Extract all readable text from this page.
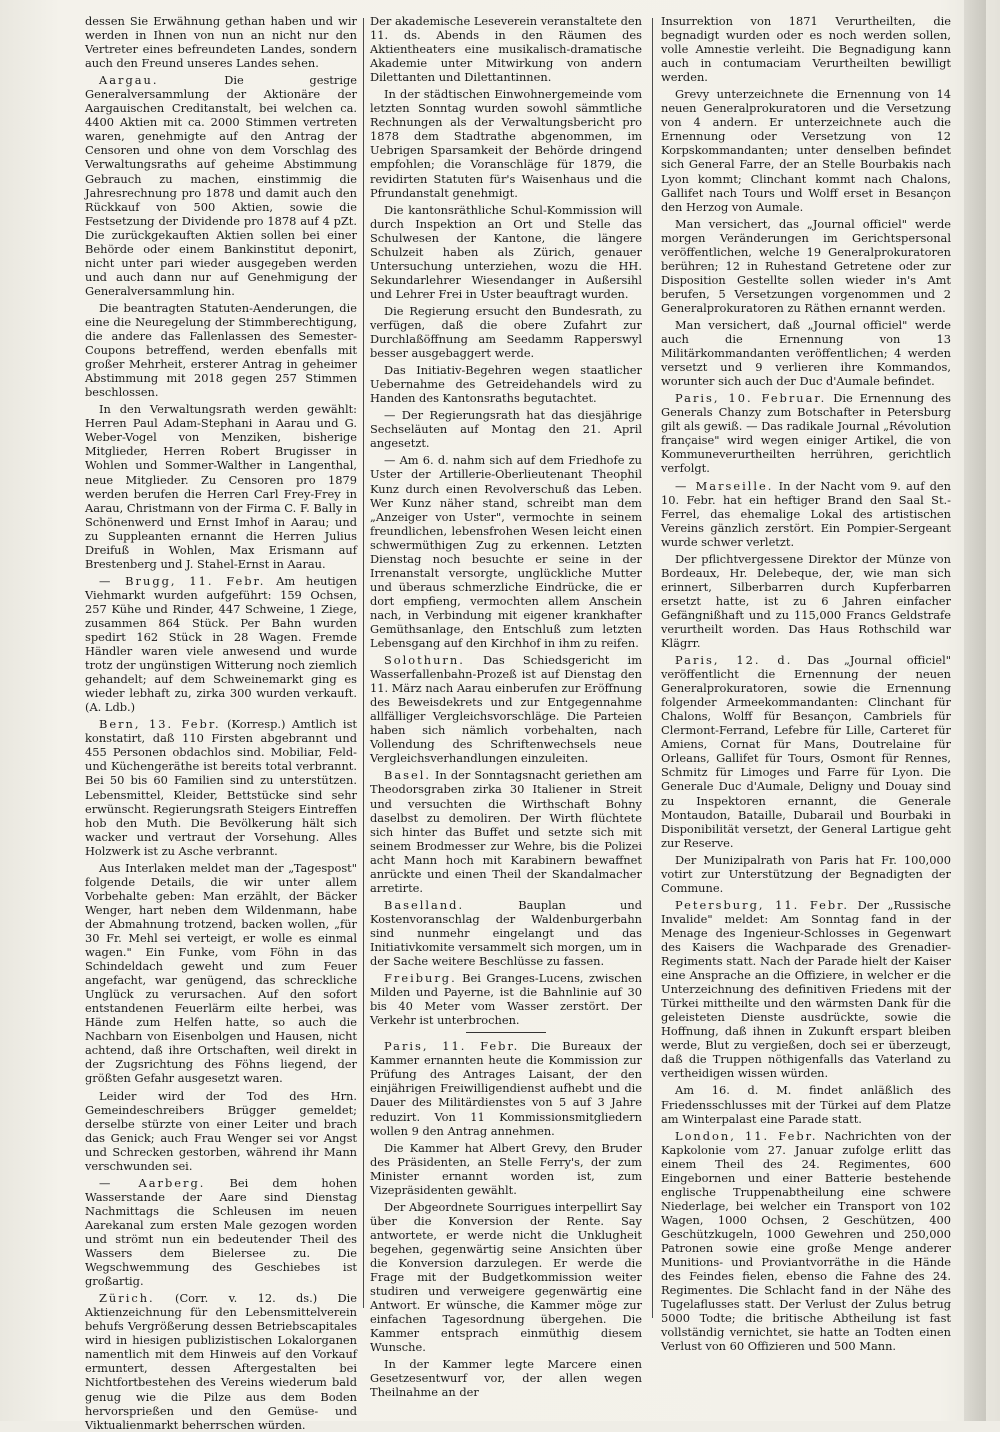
dessen Sie Erwähnung gethan haben und wir werden in Ihnen von nun an nicht nur den Vertreter eines befreundeten Landes, sondern auch den Freund unseres Landes sehen.

Aargau.	Die gestrige Generalversammlung der Aktionäre der Aargauischen Creditanstalt, bei welchen ca. 4400 Aktien mit ca. 2000 Stimmen vertreten waren, genehmigte auf den Antrag der Censoren und ohne von dem Vorschlag des Verwaltungsraths auf geheime Abstimmung Gebrauch zu machen, einstimmig die Jahresrechnung pro 1878 und damit auch den Rückkauf von 500 Aktien, sowie die Festsetzung der Dividende pro 1878 auf 4 pZt. Die zurückgekauften Aktien sollen bei einer Behörde oder einem Bankinstitut deponirt, nicht unter pari wieder ausgegeben werden und auch dann nur auf Genehmigung der Generalversammlung hin.

Die beantragten Statuten-Aenderungen, die eine die Neuregelung der Stimmberechtigung, die andere das Fallenlassen des Semester-Coupons betreffend, werden ebenfalls mit großer Mehrheit, ersterer Antrag in geheimer Abstimmung mit 2018 gegen 257 Stimmen beschlossen.

In den Verwaltungsrath werden gewählt: Herren Paul Adam-Stephani in Aarau und G. Weber-Vogel von Menziken, bisherige Mitglieder, Herren Robert Brugisser in Wohlen und Sommer-Walther in Langenthal, neue Mitglieder. Zu Censoren pro 1879 werden berufen die Herren Carl Frey-Frey in Aarau, Christmann von der Firma C. F. Bally in Schönenwerd und Ernst Imhof in Aarau; und zu Suppleanten ernannt die Herren Julius Dreifuß in Wohlen, Max Erismann auf Brestenberg und J. Stahel-Ernst in Aarau.

— Brugg, 11. Febr. Am heutigen Viehmarkt wurden aufgeführt: 159 Ochsen, 257 Kühe und Rinder, 447 Schweine, 1 Ziege, zusammen 864 Stück. Per Bahn wurden spedirt 162 Stück in 28 Wagen. Fremde Händler waren viele anwesend und wurde trotz der ungünstigen Witterung noch ziemlich gehandelt; auf dem Schweinemarkt ging es wieder lebhaft zu, zirka 300 wurden verkauft. (A. Ldb.)

Bern, 13. Febr. (Korresp.) Amtlich ist konstatirt, daß 110 Firsten abgebrannt und 455 Personen obdachlos sind. Mobiliar, Feld- und Küchengeräthe ist bereits total verbrannt. Bei 50 bis 60 Familien sind zu unterstützen. Lebensmittel, Kleider, Bettstücke sind sehr erwünscht. Regierungsrath Steigers Eintreffen hob den Muth. Die Bevölkerung hält sich wacker und vertraut der Vorsehung. Alles Holzwerk ist zu Asche verbrannt.

Aus Interlaken meldet man der „Tagespost" folgende Details, die wir unter allem Vorbehalte geben: Man erzählt, der Bäcker Wenger, hart neben dem Wildenmann, habe der Abmahnung trotzend, backen wollen, „für 30 Fr. Mehl sei verteigt, er wolle es einmal wagen." Ein Funke, vom Föhn in das Schindeldach geweht und zum Feuer angefacht, war genügend, das schreckliche Unglück zu verursachen. Auf den sofort entstandenen Feuerlärm eilte herbei, was Hände zum Helfen hatte, so auch die Nachbarn von Eisenbolgen und Hausen, nicht achtend, daß ihre Ortschaften, weil direkt in der Zugsrichtung des Föhns liegend, der größten Gefahr ausgesetzt waren.

Leider wird der Tod des Hrn. Gemeindeschreibers Brügger gemeldet; derselbe stürzte von einer Leiter und brach das Genick; auch Frau Wenger sei vor Angst und Schrecken gestorben, während ihr Mann verschwunden sei.

— Aarberg. Bei dem hohen Wasserstande der Aare sind Dienstag Nachmittags die Schleusen im neuen Aarekanal zum ersten Male gezogen worden und strömt nun ein bedeutender Theil des Wassers dem Bielersee zu. Die Wegschwemmung des Geschiebes ist großartig.

Zürich. (Corr. v. 12. ds.) Die Aktienzeichnung für den Lebensmittelverein behufs Vergrößerung dessen Betriebscapitales wird in hiesigen publizistischen Lokalorganen namentlich mit dem Hinweis auf den Vorkauf ermuntert, dessen Aftergestalten bei Nichtfortbestehen des Vereins wiederum bald genug wie die Pilze aus dem Boden hervorsprießen und den Gemüse- und Viktualienmarkt beherrschen würden.

Der akademische Leseverein veranstaltete den 11. ds. Abends in den Räumen des Aktientheaters eine musikalisch-dramatische Akademie unter Mitwirkung von andern Dilettanten und Dilettantinnen.

In der städtischen Einwohnergemeinde vom letzten Sonntag wurden sowohl sämmtliche Rechnungen als der Verwaltungsbericht pro 1878 dem Stadtrathe abgenommen, im Uebrigen Sparsamkeit der Behörde dringend empfohlen; die Voranschläge für 1879, die revidirten Statuten für's Waisenhaus und die Pfrundanstalt genehmigt.

Die kantonsräthliche Schul-Kommission will durch Inspektion an Ort und Stelle das Schulwesen der Kantone, die längere Schulzeit haben als Zürich, genauer Untersuchung unterziehen, wozu die HH. Sekundarlehrer Wiesendanger in Außersihl und Lehrer Frei in Uster beauftragt wurden.

Die Regierung ersucht den Bundesrath, zu verfügen, daß die obere Zufahrt zur Durchlaßöffnung am Seedamm Rapperswyl besser ausgebaggert werde.

Das Initiativ-Begehren wegen staatlicher Uebernahme des Getreidehandels wird zu Handen des Kantonsraths begutachtet.

— Der Regierungsrath hat das diesjährige Sechseläuten auf Montag den 21. April angesetzt.

— Am 6. d. nahm sich auf dem Friedhofe zu Uster der Artillerie-Oberlieutenant Theophil Kunz durch einen Revolverschuß das Leben. Wer Kunz näher stand, schreibt man dem „Anzeiger von Uster", vermochte in seinem freundlichen, lebensfrohen Wesen leicht einen schwermüthigen Zug zu erkennen. Letzten Dienstag noch besuchte er seine in der Irrenanstalt versorgte, unglückliche Mutter und überaus schmerzliche Eindrücke, die er dort empfieng, vermochten allem Anschein nach, in Verbindung mit eigener krankhafter Gemüthsanlage, den Entschluß zum letzten Lebensgang auf den Kirchhof in ihm zu reifen.

Solothurn. Das Schiedsgericht im Wasserfallenbahn-Prozeß ist auf Dienstag den 11. März nach Aarau einberufen zur Eröffnung des Beweisdekrets und zur Entgegennahme allfälliger Vergleichsvorschläge. Die Parteien haben sich nämlich vorbehalten, nach Vollendung des Schriftenwechsels neue Vergleichsverhandlungen einzuleiten.

Basel. In der Sonntagsnacht geriethen am Theodorsgraben zirka 30 Italiener in Streit und versuchten die Wirthschaft Bohny daselbst zu demoliren. Der Wirth flüchtete sich hinter das Buffet und setzte sich mit seinem Brodmesser zur Wehre, bis die Polizei acht Mann hoch mit Karabinern bewaffnet anrückte und einen Theil der Skandalmacher arretirte.

Baselland.	Bauplan und Kostenvoranschlag der Waldenburgerbahn sind nunmehr eingelangt und das Initiativkomite versammelt sich morgen, um in der Sache weitere Beschlüsse zu fassen.

Freiburg. Bei Granges-Lucens, zwischen Milden und Payerne, ist die Bahnlinie auf 30 bis 40 Meter vom Wasser zerstört. Der Verkehr ist unterbrochen.

Paris, 11. Febr. Die Bureaux der Kammer ernannten heute die Kommission zur Prüfung des Antrages Laisant, der den einjährigen Freiwilligendienst aufhebt und die Dauer des Militärdienstes von 5 auf 3 Jahre reduzirt. Von 11 Kommissionsmitgliedern wollen 9 den Antrag annehmen.

Die Kammer hat Albert Grevy, den Bruder des Präsidenten, an Stelle Ferry's, der zum Minister ernannt worden ist, zum Vizepräsidenten gewählt.

Der Abgeordnete Sourrigues interpellirt Say über die Konversion der Rente. Say antwortete, er werde nicht die Unklugheit begehen, gegenwärtig seine Ansichten über die Konversion darzulegen. Er werde die Frage mit der Budgetkommission weiter studiren und verweigere gegenwärtig eine Antwort. Er wünsche, die Kammer möge zur einfachen Tagesordnung übergehen. Die Kammer entsprach einmüthig diesem Wunsche.

In der Kammer legte Marcere einen Gesetzesentwurf vor, der allen wegen Theilnahme an der

Insurrektion von 1871 Verurtheilten, die begnadigt wurden oder es noch werden sollen, volle Amnestie verleiht. Die Begnadigung kann auch in contumaciam Verurtheilten bewilligt werden.

Grevy unterzeichnete die Ernennung von 14 neuen Generalprokuratoren und die Versetzung von 4 andern. Er unterzeichnete auch die Ernennung oder Versetzung von 12 Korpskommandanten; unter denselben befindet sich General Farre, der an Stelle Bourbakis nach Lyon kommt; Clinchant kommt nach Chalons, Gallifet nach Tours und Wolff erset in Besançon den Herzog von Aumale.

Man versichert, das „Journal officiel" werde morgen Veränderungen im Gerichtspersonal veröffentlichen, welche 19 Generalprokuratoren berühren; 12 in Ruhestand Getretene oder zur Disposition Gestellte sollen wieder in's Amt berufen, 5 Versetzungen vorgenommen und 2 Generalprokuratoren zu Räthen ernannt werden.

Man versichert, daß „Journal officiel" werde auch die Ernennung von 13 Militärkommandanten veröffentlichen; 4 werden versetzt und 9 verlieren ihre Kommandos, worunter sich auch der Duc d'Aumale befindet.

Paris, 10. Februar. Die Ernennung des Generals Chanzy zum Botschafter in Petersburg gilt als gewiß. — Das radikale Journal „Révolution française" wird wegen einiger Artikel, die von Kommuneverurtheilten herrühren, gerichtlich verfolgt.

— Marseille. In der Nacht vom 9. auf den 10. Febr. hat ein heftiger Brand den Saal St.-Ferrel, das ehemalige Lokal des artistischen Vereins gänzlich zerstört. Ein Pompier-Sergeant wurde schwer verletzt.

Der pflichtvergessene Direktor der Münze von Bordeaux, Hr. Delebeque, der, wie man sich erinnert, Silberbarren durch Kupferbarren ersetzt hatte, ist zu 6 Jahren einfacher Gefängnißhaft und zu 115,000 Francs Geldstrafe verurtheilt worden. Das Haus Rothschild war Klägrr.

Paris, 12. d. Das „Journal officiel" veröffentlicht die Ernennung der neuen Generalprokuratoren, sowie die Ernennung folgender Armeekommandanten: Clinchant für Chalons, Wolff für Besançon, Cambriels für Clermont-Ferrand, Lefebre für Lille, Carteret für Amiens, Cornat für Mans, Doutrelaine für Orleans, Gallifet für Tours, Osmont für Rennes, Schmitz für Limoges und Farre für Lyon. Die Generale Duc d'Aumale, Deligny und Douay sind zu Inspektoren ernannt, die Generale Montaudon, Bataille, Dubarail und Bourbaki in Disponibilität versetzt, der General Lartigue geht zur Reserve.

Der Munizipalrath von Paris hat Fr. 100,000 votirt zur Unterstützung der Begnadigten der Commune.

Petersburg, 11. Febr. Der „Russische Invalide" meldet: Am Sonntag fand in der Menage des Ingenieur-Schlosses in Gegenwart des Kaisers die Wachparade des Grenadier-Regiments statt. Nach der Parade hielt der Kaiser eine Ansprache an die Offiziere, in welcher er die Unterzeichnung des definitiven Friedens mit der Türkei mittheilte und den wärmsten Dank für die geleisteten Dienste ausdrückte, sowie die Hoffnung, daß ihnen in Zukunft erspart bleiben werde, Blut zu vergießen, doch sei er überzeugt, daß die Truppen nöthigenfalls das Vaterland zu vertheidigen wissen würden.

Am 16. d. M. findet anläßlich des Friedensschlusses mit der Türkei auf dem Platze am Winterpalast eine Parade statt.

London, 11. Febr. Nachrichten von der Kapkolonie vom 27. Januar zufolge erlitt das einem Theil des 24. Regimentes, 600 Eingebornen und einer Batterie bestehende englische Truppenabtheilung eine schwere Niederlage, bei welcher ein Transport von 102 Wagen, 1000 Ochsen, 2 Geschützen, 400 Geschützkugeln, 1000 Gewehren und 250,000 Patronen sowie eine große Menge anderer Munitions- und Proviantvorräthe in die Hände des Feindes fielen, ebenso die Fahne des 24. Regimentes. Die Schlacht fand in der Nähe des Tugelaflusses statt. Der Verlust der Zulus betrug 5000 Todte; die britische Abtheilung ist fast vollständig vernichtet, sie hatte an Todten einen Verlust von 60 Offizieren und 500 Mann.
